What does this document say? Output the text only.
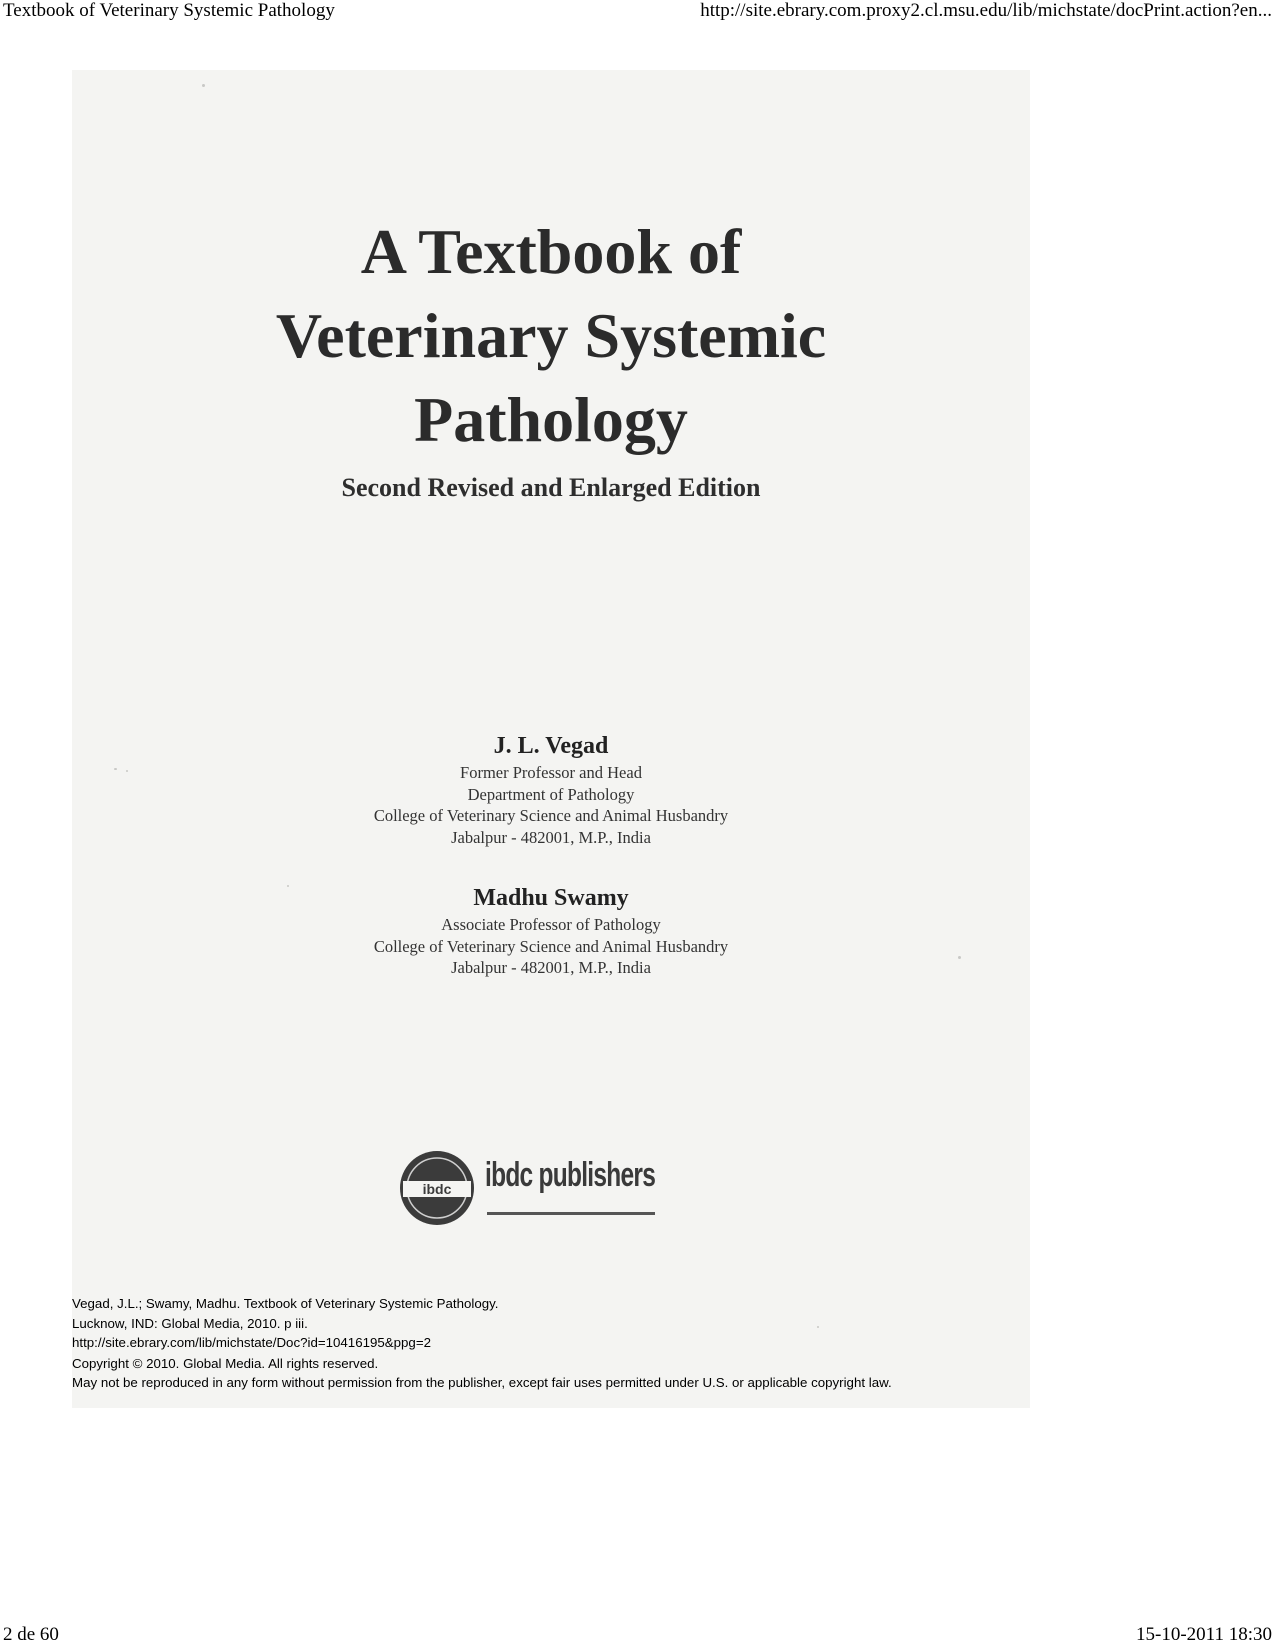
Textbook of Veterinary Systemic Pathology	http://site.ebrary.com.proxy2.cl.msu.edu/lib/michstate/docPrint.action?en...
A Textbook of
Veterinary Systemic
Pathology
Second Revised and Enlarged Edition
J. L. Vegad
Former Professor and Head
Department of Pathology
College of Veterinary Science and Animal Husbandry
Jabalpur - 482001, M.P., India
Madhu Swamy
Associate Professor of Pathology
College of Veterinary Science and Animal Husbandry
Jabalpur - 482001, M.P., India
ibdc ibdc publishers
Vegad, J.L.; Swamy, Madhu. Textbook of Veterinary Systemic Pathology.
Lucknow, IND: Global Media, 2010. p iii.
http://site.ebrary.com/lib/michstate/Doc?id=10416195&ppg=2
Copyright © 2010. Global Media. All rights reserved.
May not be reproduced in any form without permission from the publisher, except fair uses permitted under U.S. or applicable copyright law.
2 de 60	15-10-2011 18:30
